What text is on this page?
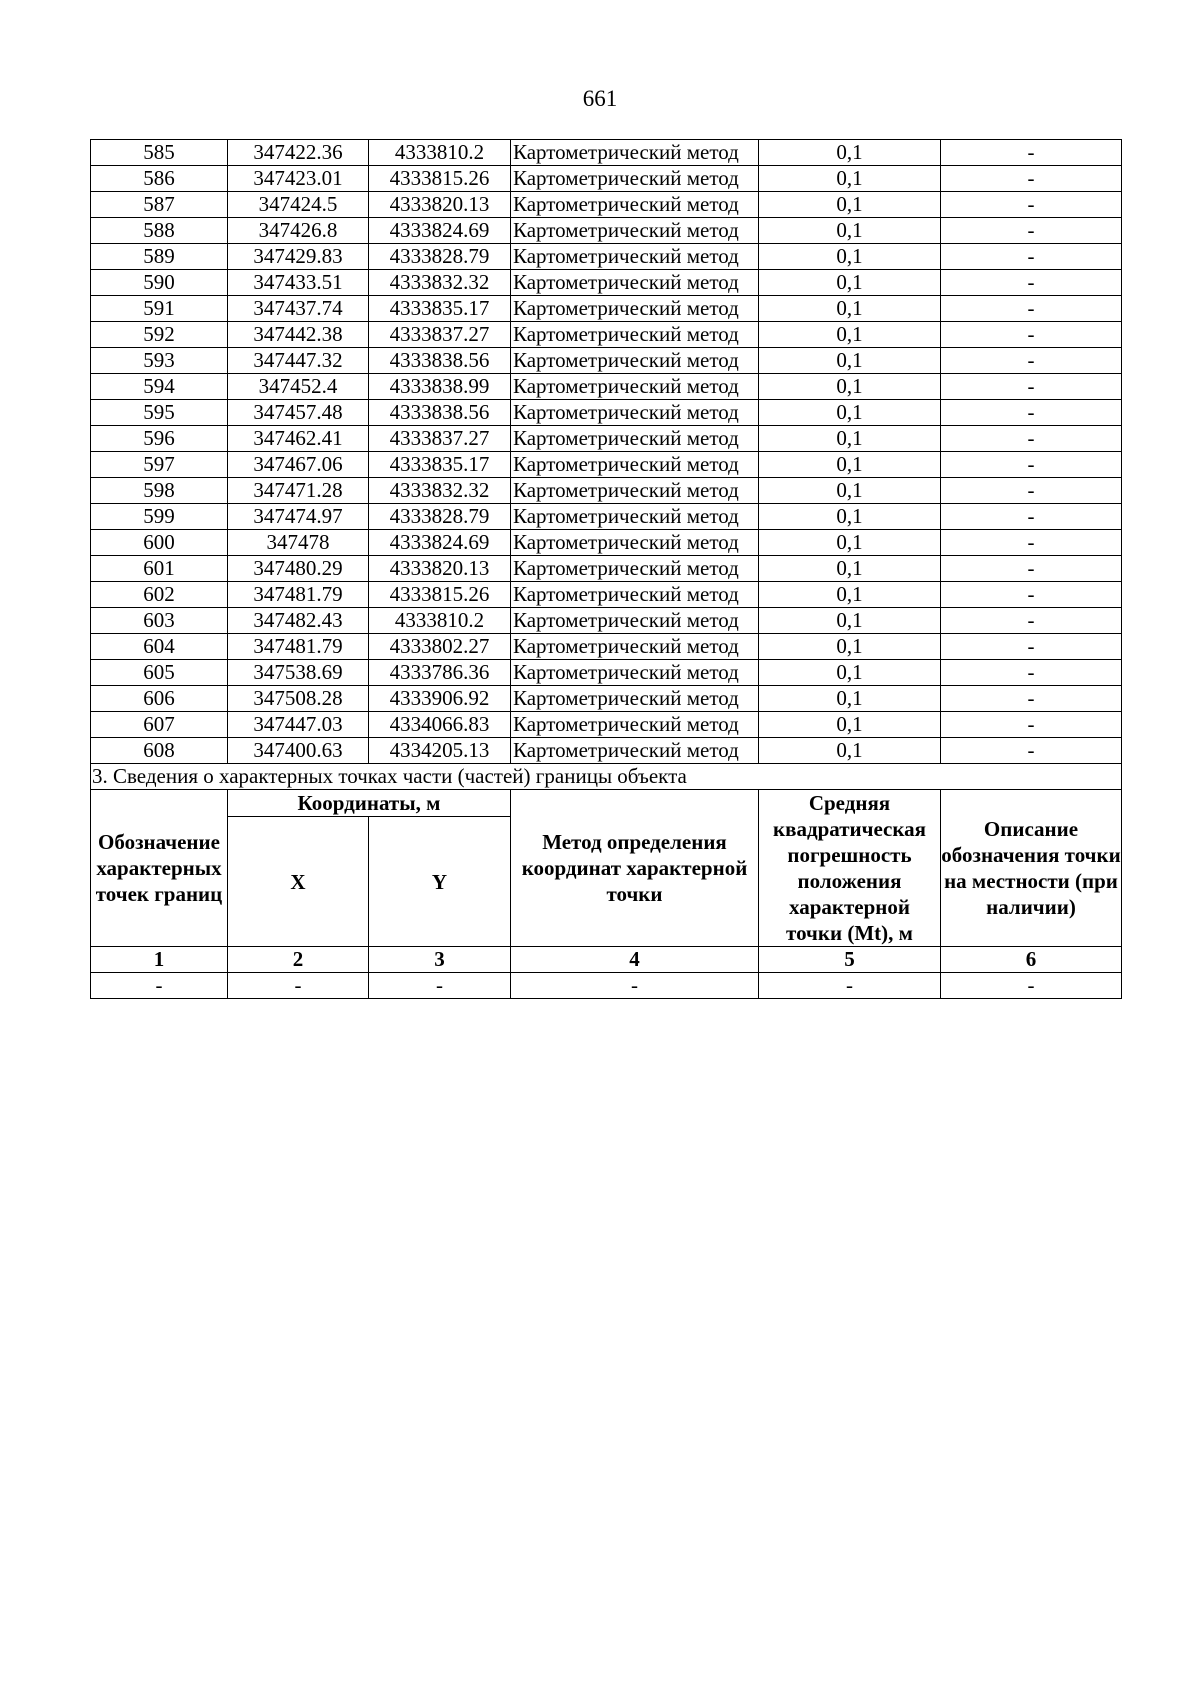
661
585	347422.36	4333810.2	Картометрический метод	0,1	-
586	347423.01	4333815.26	Картометрический метод	0,1	-
587	347424.5	4333820.13	Картометрический метод	0,1	-
588	347426.8	4333824.69	Картометрический метод	0,1	-
589	347429.83	4333828.79	Картометрический метод	0,1	-
590	347433.51	4333832.32	Картометрический метод	0,1	-
591	347437.74	4333835.17	Картометрический метод	0,1	-
592	347442.38	4333837.27	Картометрический метод	0,1	-
593	347447.32	4333838.56	Картометрический метод	0,1	-
594	347452.4	4333838.99	Картометрический метод	0,1	-
595	347457.48	4333838.56	Картометрический метод	0,1	-
596	347462.41	4333837.27	Картометрический метод	0,1	-
597	347467.06	4333835.17	Картометрический метод	0,1	-
598	347471.28	4333832.32	Картометрический метод	0,1	-
599	347474.97	4333828.79	Картометрический метод	0,1	-
600	347478	4333824.69	Картометрический метод	0,1	-
601	347480.29	4333820.13	Картометрический метод	0,1	-
602	347481.79	4333815.26	Картометрический метод	0,1	-
603	347482.43	4333810.2	Картометрический метод	0,1	-
604	347481.79	4333802.27	Картометрический метод	0,1	-
605	347538.69	4333786.36	Картометрический метод	0,1	-
606	347508.28	4333906.92	Картометрический метод	0,1	-
607	347447.03	4334066.83	Картометрический метод	0,1	-
608	347400.63	4334205.13	Картометрический метод	0,1	-
3. Сведения о характерных точках части (частей) границы объекта					
Обозначение характерных точек границ	Координаты, м		Метод определения координат характерной точки	Средняя квадратическая погрешность положения характерной точки (Mt), м	Описание обозначения точки на местности (при наличии)
	X	Y			
1	2	3	4	5	6
-	-	-	-	-	-
